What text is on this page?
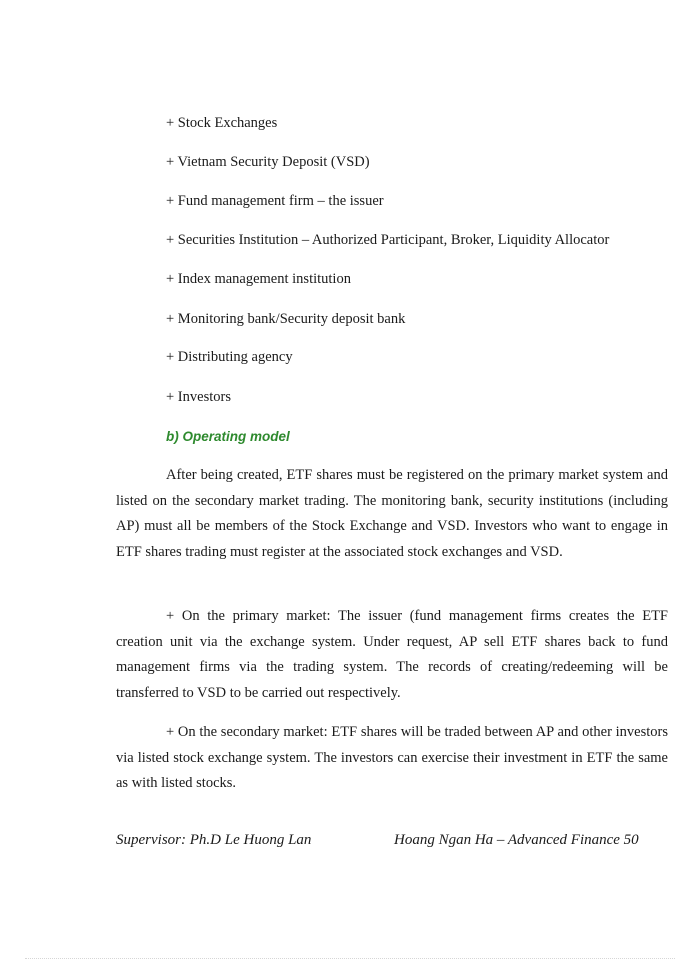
+ Stock Exchanges
+ Vietnam Security Deposit (VSD)
+ Fund management firm – the issuer
+ Securities Institution – Authorized Participant, Broker, Liquidity Allocator
+ Index management institution
+ Monitoring bank/Security deposit bank
+ Distributing agency
+ Investors
b) Operating model

After being created, ETF shares must be registered on the primary market system and listed on the secondary market trading. The monitoring bank, security institutions (including AP) must all be members of the Stock Exchange and VSD. Investors who want to engage in ETF shares trading must register at the associated stock exchanges and VSD.

+ On the primary market: The issuer (fund management firms creates the ETF creation unit via the exchange system. Under request, AP sell ETF shares back to fund management firms via the trading system. The records of creating/redeeming will be transferred to VSD to be carried out respectively.

+ On the secondary market: ETF shares will be traded between AP and other investors via listed stock exchange system. The investors can exercise their investment in ETF the same as with listed stocks.

Supervisor: Ph.D Le Huong Lan	Hoang Ngan Ha – Advanced Finance 50
